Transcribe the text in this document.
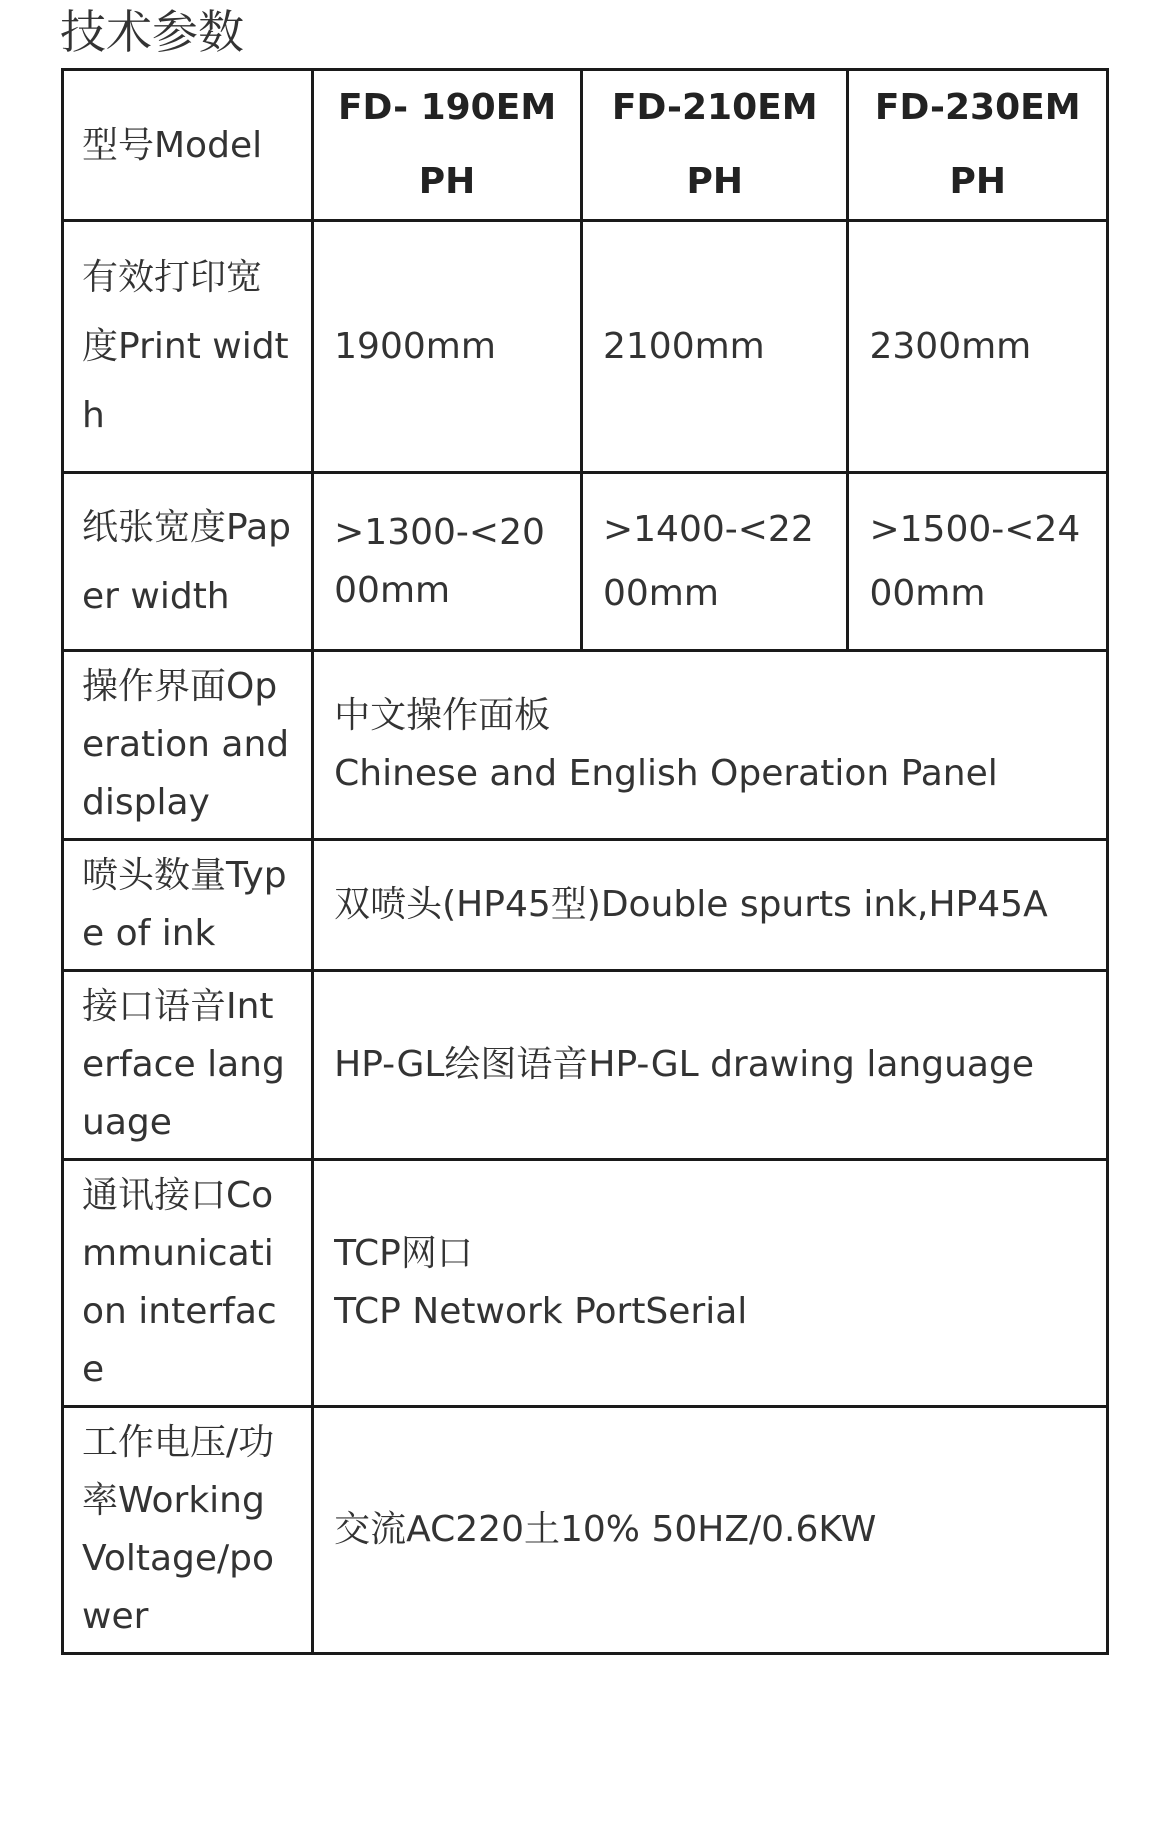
技术参数
型号Model	FD- 190EM PH	FD-210EM PH	FD-230EM PH
有效打印宽度Print width	1900mm	2100mm	2300mm
纸张宽度Paper width	>1300-<2000mm	>1400-<2200mm	>1500-<2400mm
操作界面Operation and display	中文操作面板
Chinese and English Operation Panel		

喷头数量Type of ink	双喷头(HP45型)Double spurts ink,HP45A		
接口语音Interface language	HP-GL绘图语音HP-GL drawing language		
通讯接口Communication interface	TCP网口
TCP Network PortSerial		

工作电压/功率Working Voltage/power	交流AC220土10% 50HZ/0.6KW		
